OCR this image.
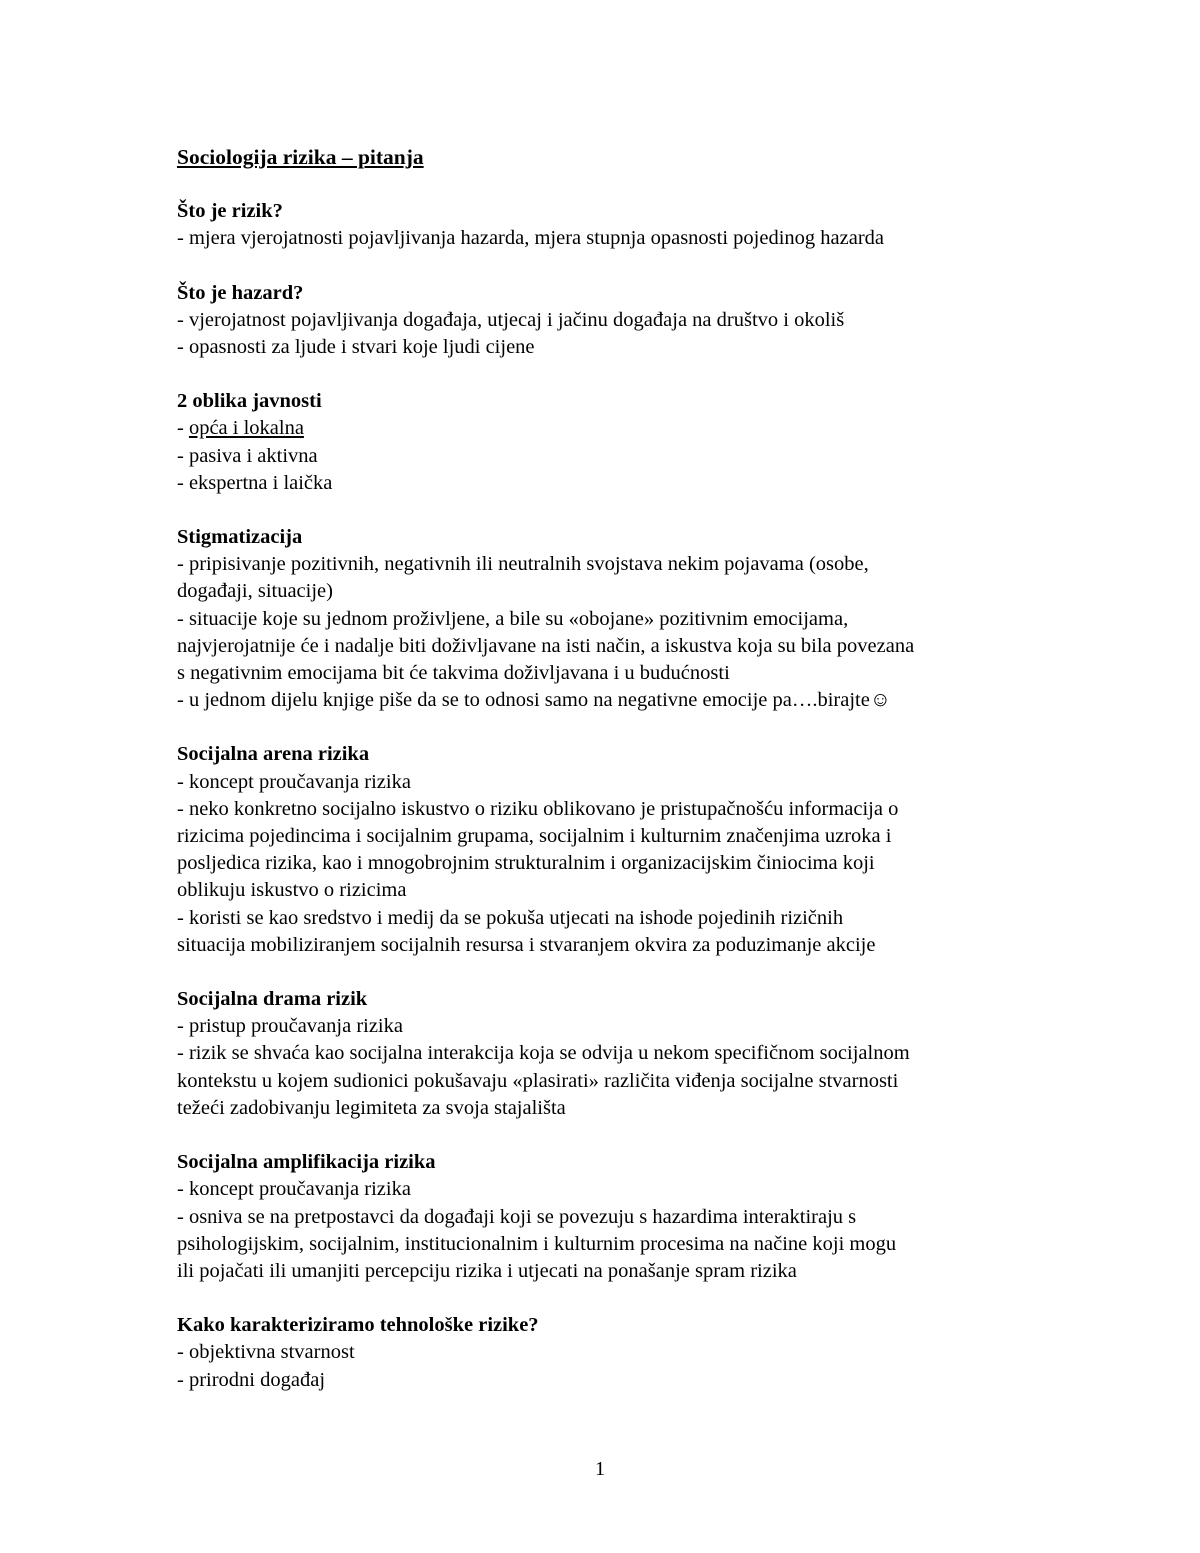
Sociologija rizika – pitanja
Što je rizik?
- mjera vjerojatnosti pojavljivanja hazarda, mjera stupnja opasnosti pojedinog hazarda
Što je hazard?
- vjerojatnost pojavljivanja događaja, utjecaj i jačinu događaja na društvo i okoliš
- opasnosti za ljude i stvari koje ljudi cijene
2 oblika javnosti
- opća i lokalna
- pasiva i aktivna
- ekspertna i laička
Stigmatizacija
- pripisivanje pozitivnih, negativnih ili neutralnih svojstava nekim pojavama (osobe,
događaji, situacije)
- situacije koje su jednom proživljene, a bile su «obojane» pozitivnim emocijama,
najvjerojatnije će i nadalje biti doživljavane na isti način, a iskustva koja su bila povezana
s negativnim emocijama bit će takvima doživljavana i u budućnosti
- u jednom dijelu knjige piše da se to odnosi samo na negativne emocije pa….birajte☺
Socijalna arena rizika
- koncept proučavanja rizika
- neko konkretno socijalno iskustvo o riziku oblikovano je pristupačnošću informacija o
rizicima pojedincima i socijalnim grupama, socijalnim i kulturnim značenjima uzroka i
posljedica rizika, kao i mnogobrojnim strukturalnim i organizacijskim činiocima koji
oblikuju iskustvo o rizicima
- koristi se kao sredstvo i medij da se pokuša utjecati na ishode pojedinih rizičnih
situacija mobiliziranjem socijalnih resursa i stvaranjem okvira za poduzimanje akcije
Socijalna drama rizik
- pristup proučavanja rizika
- rizik se shvaća kao socijalna interakcija koja se odvija u nekom specifičnom socijalnom
kontekstu u kojem sudionici pokušavaju «plasirati» različita viđenja socijalne stvarnosti
težeći zadobivanju legimiteta za svoja stajališta
Socijalna amplifikacija rizika
- koncept proučavanja rizika
- osniva se na pretpostavci da događaji koji se povezuju s hazardima interaktiraju s
psihologijskim, socijalnim, institucionalnim i kulturnim procesima na načine koji mogu
ili pojačati ili umanjiti percepciju rizika i utjecati na ponašanje spram rizika
Kako karakteriziramo tehnološke rizike?
- objektivna stvarnost
- prirodni događaj
1
